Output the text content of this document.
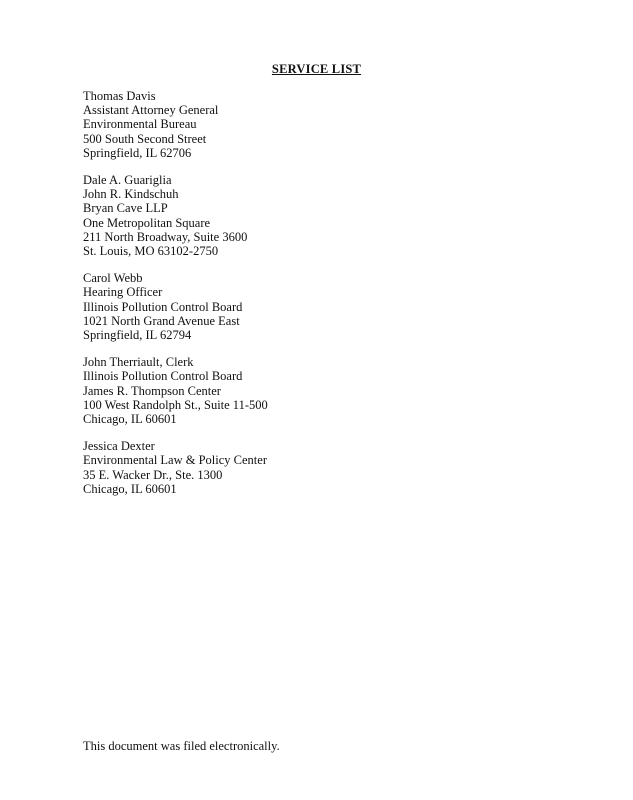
SERVICE LIST
Thomas Davis
Assistant Attorney General
Environmental Bureau
500 South Second Street
Springfield, IL 62706
Dale A. Guariglia
John R. Kindschuh
Bryan Cave LLP
One Metropolitan Square
211 North Broadway, Suite 3600
St. Louis, MO 63102-2750
Carol Webb
Hearing Officer
Illinois Pollution Control Board
1021 North Grand Avenue East
Springfield, IL 62794
John Therriault, Clerk
Illinois Pollution Control Board
James R. Thompson Center
100 West Randolph St., Suite 11-500
Chicago, IL 60601
Jessica Dexter
Environmental Law & Policy Center
35 E. Wacker Dr., Ste. 1300
Chicago, IL 60601
This document was filed electronically.
